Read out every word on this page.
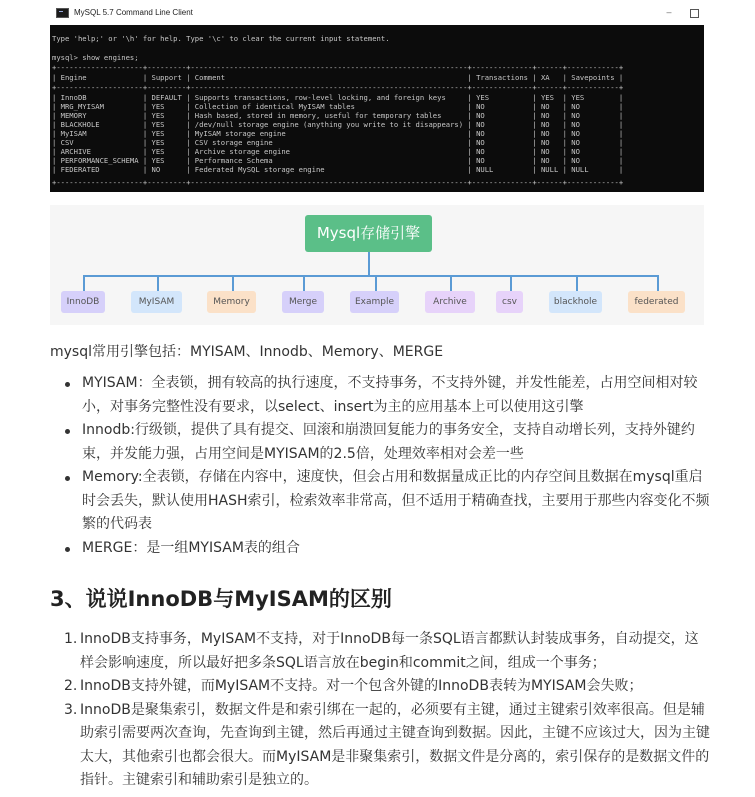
MySQL 5.7 Command Line Client	–

Type 'help;' or '\h' for help. Type '\c' to clear the current input statement.

mysql> show engines;

+--------------------+---------+----------------------------------------------------------------+--------------+------+------------+

| Engine             | Support | Comment                                                        | Transactions | XA   | Savepoints |

+--------------------+---------+----------------------------------------------------------------+--------------+------+------------+

| InnoDB             | DEFAULT | Supports transactions, row-level locking, and foreign keys     | YES          | YES  | YES        |

| MRG_MYISAM         | YES     | Collection of identical MyISAM tables                          | NO           | NO   | NO         |

| MEMORY             | YES     | Hash based, stored in memory, useful for temporary tables      | NO           | NO   | NO         |

| BLACKHOLE          | YES     | /dev/null storage engine (anything you write to it disappears) | NO           | NO   | NO         |

| MyISAM             | YES     | MyISAM storage engine                                          | NO           | NO   | NO         |

| CSV                | YES     | CSV storage engine                                             | NO           | NO   | NO         |

| ARCHIVE            | YES     | Archive storage engine                                         | NO           | NO   | NO         |

| PERFORMANCE_SCHEMA | YES     | Performance Schema                                             | NO           | NO   | NO         |

| FEDERATED          | NO      | Federated MySQL storage engine                                 | NULL         | NULL | NULL       |

+--------------------+---------+----------------------------------------------------------------+--------------+------+------------+

Mysql存储引擎
InnoDB	MyISAM	Memory	Merge	Example	Archive	csv	blackhole	federated
mysql常用引擎包括：MYISAM、Innodb、Memory、MERGE
MYISAM：全表锁，拥有较高的执行速度，不支持事务，不支持外键，并发性能差，占用空间相对较小，对事务完整性没有要求，以select、insert为主的应用基本上可以使用这引擎
Innodb:行级锁，提供了具有提交、回滚和崩溃回复能力的事务安全，支持自动增长列，支持外键约束，并发能力强，占用空间是MYISAM的2.5倍，处理效率相对会差一些
Memory:全表锁，存储在内容中，速度快，但会占用和数据量成正比的内存空间且数据在mysql重启时会丢失，默认使用HASH索引，检索效率非常高，但不适用于精确查找，主要用于那些内容变化不频繁的代码表
MERGE：是一组MYISAM表的组合
3、说说InnoDB与MyISAM的区别
1. InnoDB支持事务，MyISAM不支持，对于InnoDB每一条SQL语言都默认封装成事务，自动提交，这样会影响速度，所以最好把多条SQL语言放在begin和commit之间，组成一个事务；
2. InnoDB支持外键，而MyISAM不支持。对一个包含外键的InnoDB表转为MYISAM会失败；
3. InnoDB是聚集索引，数据文件是和索引绑在一起的，必须要有主键，通过主键索引效率很高。但是辅助索引需要两次查询，先查询到主键，然后再通过主键查询到数据。因此，主键不应该过大，因为主键太大，其他索引也都会很大。而MyISAM是非聚集索引，数据文件是分离的，索引保存的是数据文件的指针。主键索引和辅助索引是独立的。
